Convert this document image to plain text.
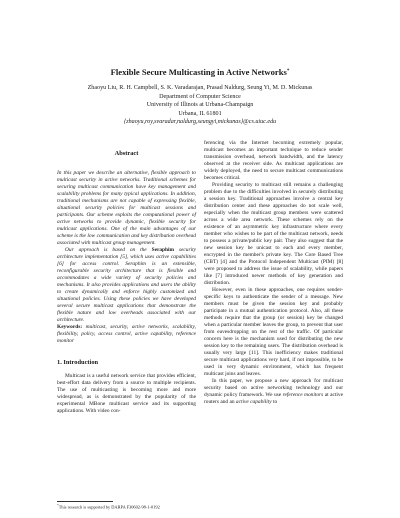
Flexible Secure Multicasting in Active Networks*
Zhaoyu Liu, R. H. Campbell, S. K. Varadarajan, Prasad Naldurg, Seung Yi, M. D. Mickunas
Department of Computer Science
University of Illinois at Urbana-Champaign
Urbana, IL 61801
{zhaoyu,roy,svaradar,naldurg,seungyi,mickunas}@cs.uiuc.edu
Abstract

In this paper we describe an alternative, flexible approach to multicast security in active networks. Traditional schemes for securing multicast communication have key management and scalability problems for many typical applications. In addition, traditional mechanisms are not capable of expressing flexible, situational security policies for multicast sessions and participants. Our scheme exploits the computational power of active networks to provide dynamic, flexible security for multicast applications. One of the main advantages of our scheme is the low communication and key distribution overhead associated with multicast group management.

Our approach is based on the Seraphim security architecture implementation [5], which uses active capabilities [6] for access control. Seraphim is an extensible, reconfigurable security architecture that is flexible and accommodates a wide variety of security policies and mechanisms. It also provides applications and users the ability to create dynamically and enforce highly customized and situational policies. Using these policies we have developed several secure multicast applications that demonstrate the flexible nature and low overheads associated with our architecture.

Keywords: multicast, security, active networks, scalability, flexibility, policy, access control, active capability, reference monitor

1. Introduction

Multicast is a useful network service that provides efficient, best-effort data delivery from a source to multiple recipients. The use of multicasting is becoming more and more widespread, as is demonstrated by the popularity of the experimental MBone multicast service and its supporting applications. With video con-

ferencing via the Internet becoming extremely popular, multicast becomes an important technique to reduce sender transmission overhead, network bandwidth, and the latency observed at the receiver side. As multicast applications are widely deployed, the need to secure multicast communications becomes critical.

Providing security to multicast still remains a challenging problem due to the difficulties involved in securely distributing a session key. Traditional approaches involve a central key distribution center and these approaches do not scale well, especially when the multicast group members were scattered across a wide area network. These schemes rely on the existence of an asymmetric key infrastructure where every member who wishes to be part of the multicast network, needs to possess a private/public key pair. They also suggest that the new session key be unicast to each and every member, encrypted in the member's private key. The Core Based Tree (CBT) [4] and the Protocol Independent Multicast (PIM) [8] were proposed to address the issue of scalability, while papers like [7] introduced newer methods of key generation and distribution.

However, even in these approaches, one requires sender-specific keys to authenticate the sender of a message. New members must be given the session key and probably participate in a mutual authentication protocol. Also, all these methods require that the group (or session) key be changed when a particular member leaves the group, to prevent that user from eavesdropping on the rest of the traffic. Of particular concern here is the mechanism used for distributing the new session key to the remaining users. The distribution overhead is usually very large [11]. This inefficiency makes traditional secure multicast applications very hard, if not impossible, to be used in very dynamic environment, which has frequent multicast joins and leaves.

In this paper, we propose a new approach for multicast security based on active networking technology and our dynamic policy framework. We use reference monitors at active routers and an active capability to

*This research is supported by DARPA F30602-98-1-0192
